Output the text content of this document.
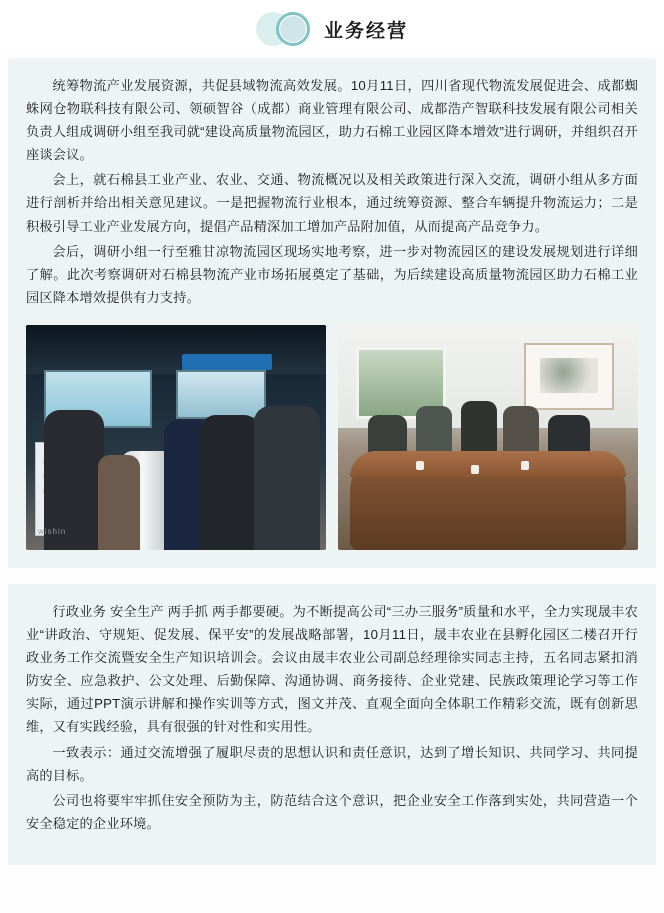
业务经营

统筹物流产业发展资源，共促县域物流高效发展。10月11日，四川省现代物流发展促进会、成都蜘蛛网仓物联科技有限公司、领硕智谷（成都）商业管理有限公司、成都浩产智联科技发展有限公司相关负责人组成调研小组至我司就“建设高质量物流园区，助力石棉工业园区降本增效”进行调研，并组织召开座谈会议。

会上，就石棉县工业产业、农业、交通、物流概况以及相关政策进行深入交流，调研小组从多方面进行剖析并给出相关意见建议。一是把握物流行业根本，通过统筹资源、整合车辆提升物流运力；二是积极引导工业产业发展方向，提倡产品精深加工增加产品附加值，从而提高产品竞争力。

会后，调研小组一行至雅甘凉物流园区现场实地考察，进一步对物流园区的建设发展规划进行详细了解。此次考察调研对石棉县物流产业市场拓展奠定了基础，为后续建设高质量物流园区助力石棉工业园区降本增效提供有力支持。

wishin

行政业务 安全生产 两手抓 两手都要硬。为不断提高公司“三办三服务”质量和水平，全力实现晟丰农业“讲政治、守规矩、促发展、保平安”的发展战略部署，10月11日，晟丰农业在县孵化园区二楼召开行政业务工作交流暨安全生产知识培训会。会议由晟丰农业公司副总经理徐实同志主持，五名同志紧扣消防安全、应急救护、公文处理、后勤保障、沟通协调、商务接待、企业党建、民族政策理论学习等工作实际，通过PPT演示讲解和操作实训等方式，图文并茂、直观全面向全体职工作精彩交流，既有创新思维，又有实践经验，具有很强的针对性和实用性。

一致表示：通过交流增强了履职尽责的思想认识和责任意识，达到了增长知识、共同学习、共同提高的目标。

公司也将要牢牢抓住安全预防为主，防范结合这个意识，把企业安全工作落到实处，共同营造一个安全稳定的企业环境。
